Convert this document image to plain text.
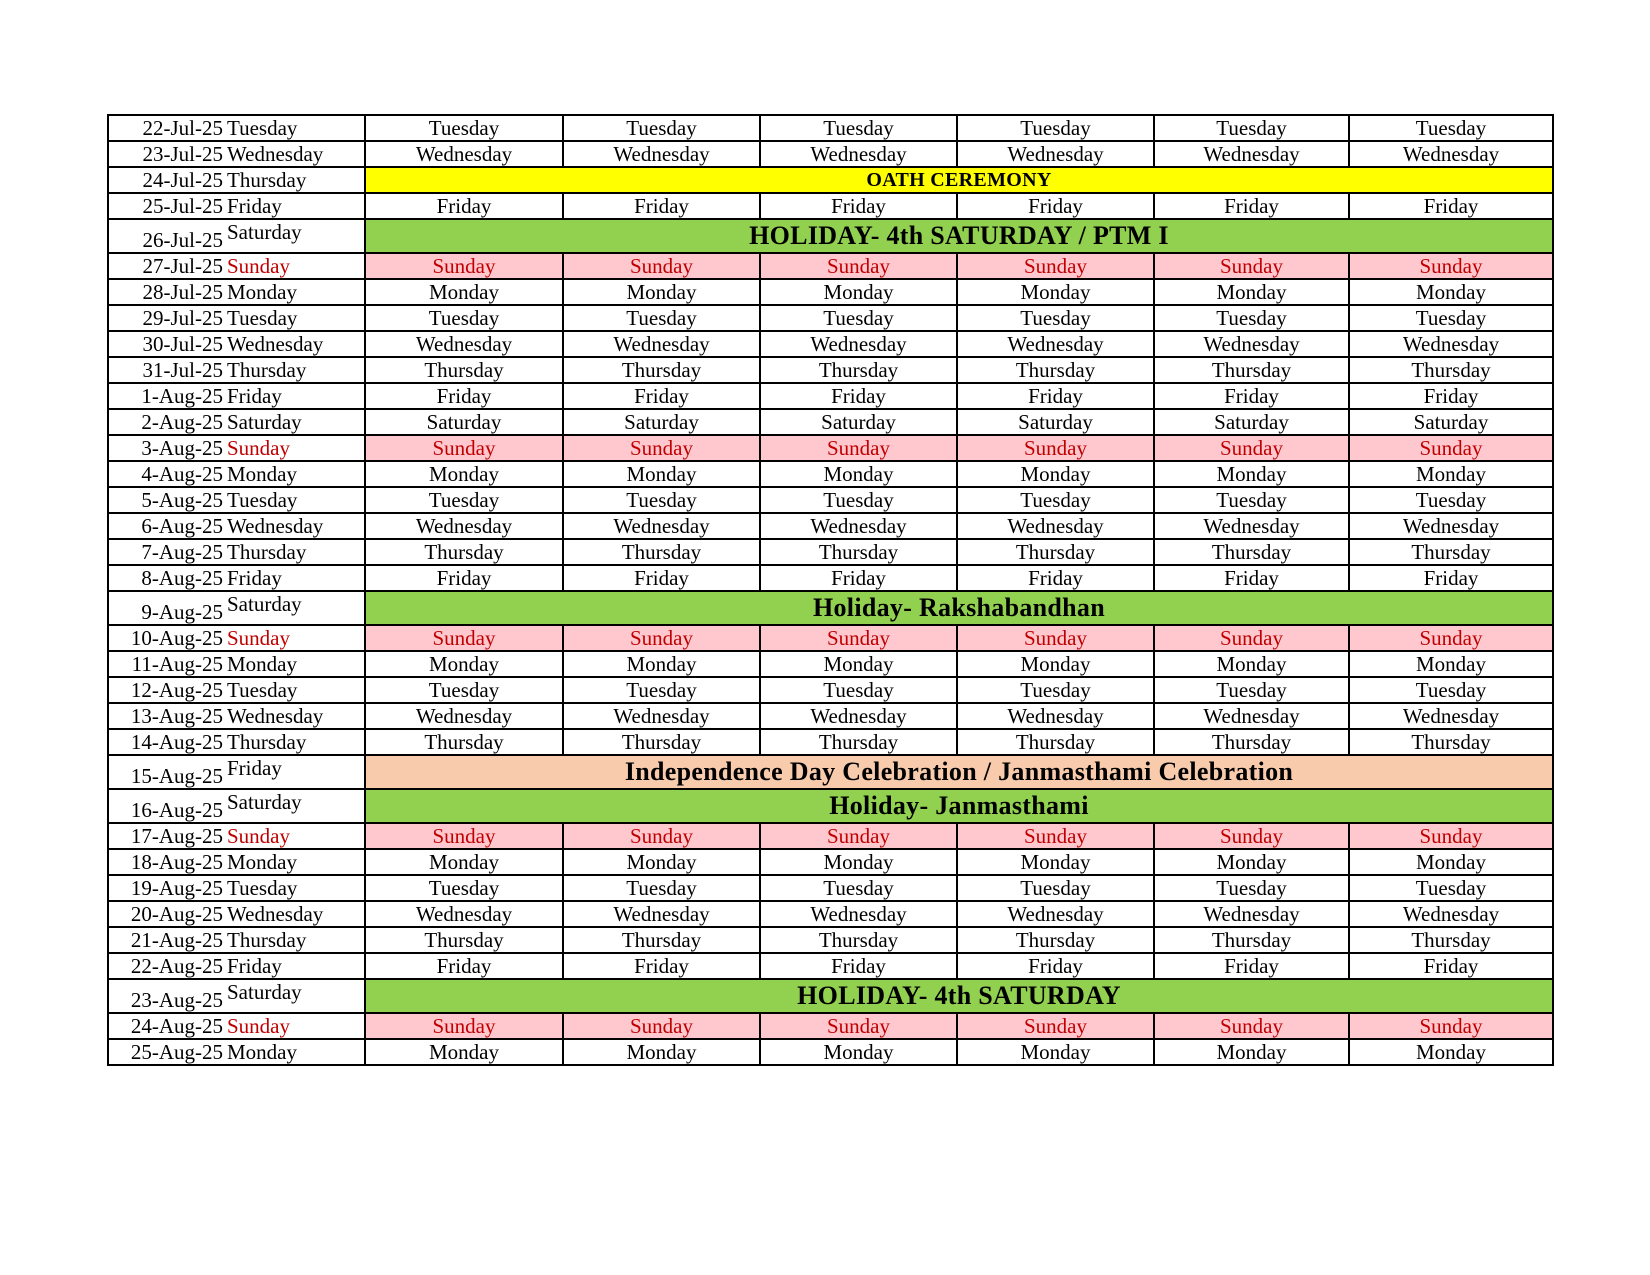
22-Jul-25	Tuesday	Tuesday	Tuesday	Tuesday	Tuesday	Tuesday	Tuesday
23-Jul-25	Wednesday	Wednesday	Wednesday	Wednesday	Wednesday	Wednesday	Wednesday
24-Jul-25	Thursday	OATH CEREMONY					
25-Jul-25	Friday	Friday	Friday	Friday	Friday	Friday	Friday
26-Jul-25	Saturday	HOLIDAY- 4th SATURDAY / PTM I					
27-Jul-25	Sunday	Sunday	Sunday	Sunday	Sunday	Sunday	Sunday
28-Jul-25	Monday	Monday	Monday	Monday	Monday	Monday	Monday
29-Jul-25	Tuesday	Tuesday	Tuesday	Tuesday	Tuesday	Tuesday	Tuesday
30-Jul-25	Wednesday	Wednesday	Wednesday	Wednesday	Wednesday	Wednesday	Wednesday
31-Jul-25	Thursday	Thursday	Thursday	Thursday	Thursday	Thursday	Thursday
1-Aug-25	Friday	Friday	Friday	Friday	Friday	Friday	Friday
2-Aug-25	Saturday	Saturday	Saturday	Saturday	Saturday	Saturday	Saturday
3-Aug-25	Sunday	Sunday	Sunday	Sunday	Sunday	Sunday	Sunday
4-Aug-25	Monday	Monday	Monday	Monday	Monday	Monday	Monday
5-Aug-25	Tuesday	Tuesday	Tuesday	Tuesday	Tuesday	Tuesday	Tuesday
6-Aug-25	Wednesday	Wednesday	Wednesday	Wednesday	Wednesday	Wednesday	Wednesday
7-Aug-25	Thursday	Thursday	Thursday	Thursday	Thursday	Thursday	Thursday
8-Aug-25	Friday	Friday	Friday	Friday	Friday	Friday	Friday
9-Aug-25	Saturday	Holiday- Rakshabandhan					
10-Aug-25	Sunday	Sunday	Sunday	Sunday	Sunday	Sunday	Sunday
11-Aug-25	Monday	Monday	Monday	Monday	Monday	Monday	Monday
12-Aug-25	Tuesday	Tuesday	Tuesday	Tuesday	Tuesday	Tuesday	Tuesday
13-Aug-25	Wednesday	Wednesday	Wednesday	Wednesday	Wednesday	Wednesday	Wednesday
14-Aug-25	Thursday	Thursday	Thursday	Thursday	Thursday	Thursday	Thursday
15-Aug-25	Friday	Independence Day Celebration / Janmasthami Celebration					
16-Aug-25	Saturday	Holiday- Janmasthami					
17-Aug-25	Sunday	Sunday	Sunday	Sunday	Sunday	Sunday	Sunday
18-Aug-25	Monday	Monday	Monday	Monday	Monday	Monday	Monday
19-Aug-25	Tuesday	Tuesday	Tuesday	Tuesday	Tuesday	Tuesday	Tuesday
20-Aug-25	Wednesday	Wednesday	Wednesday	Wednesday	Wednesday	Wednesday	Wednesday
21-Aug-25	Thursday	Thursday	Thursday	Thursday	Thursday	Thursday	Thursday
22-Aug-25	Friday	Friday	Friday	Friday	Friday	Friday	Friday
23-Aug-25	Saturday	HOLIDAY- 4th SATURDAY					
24-Aug-25	Sunday	Sunday	Sunday	Sunday	Sunday	Sunday	Sunday
25-Aug-25	Monday	Monday	Monday	Monday	Monday	Monday	Monday
